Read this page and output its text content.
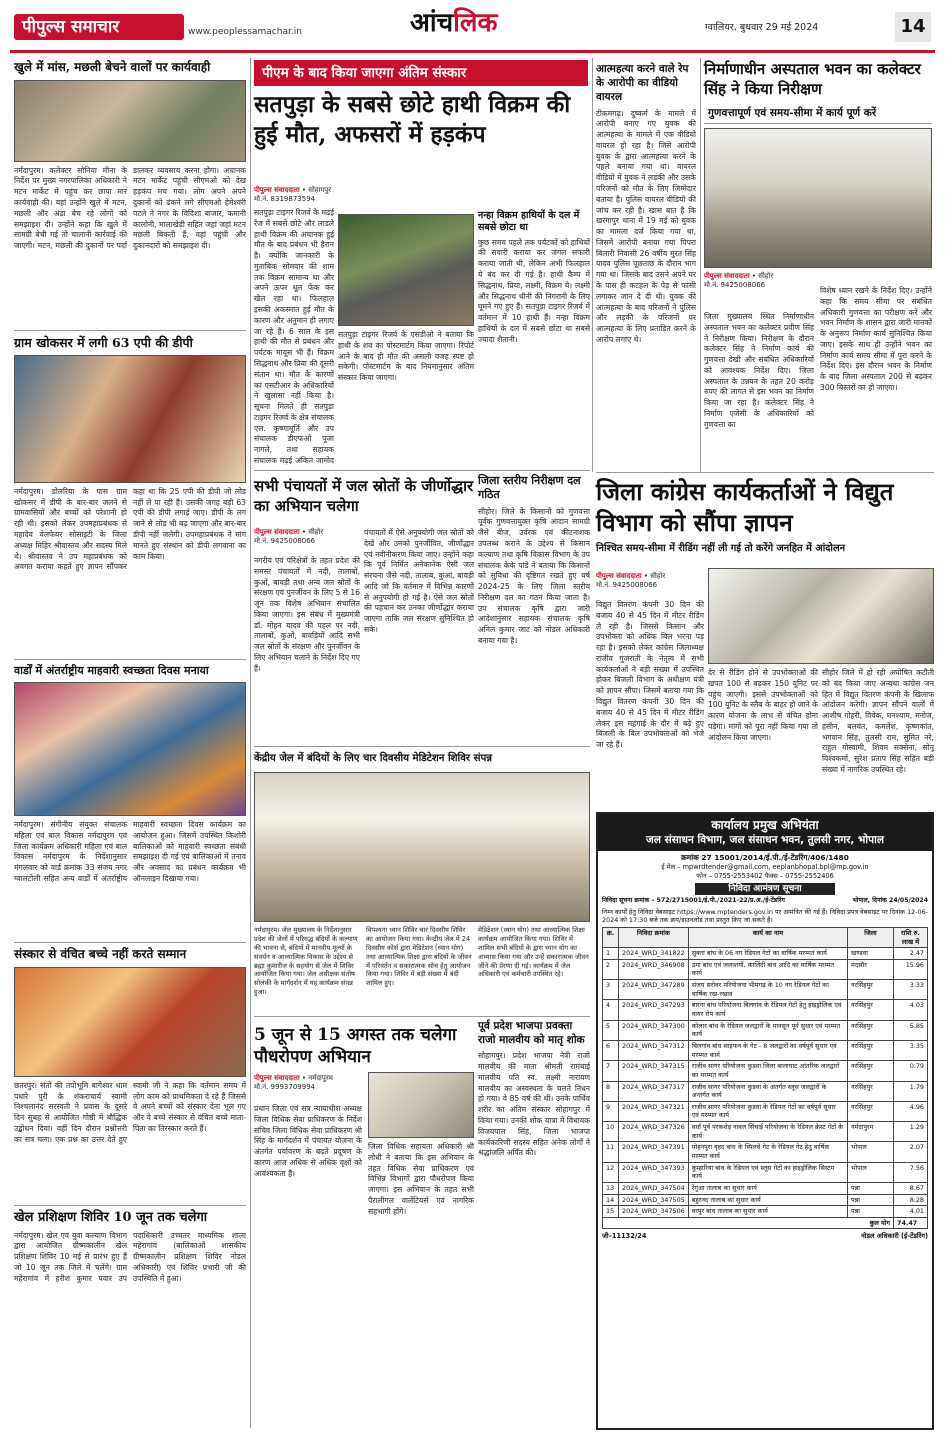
पीपुल्स समाचार	www.peoplessamachar.in	आंचलिक	ग्वालियर, बुधवार 29 मई 2024	14
खुले में मांस, मछली बेचने वालों पर कार्यवाही
नर्मदापुरम। कलेक्टर सोनिया मीना के निर्देश पर मुख्य नगरपालिका अधिकारी ने मटन मार्केट में पहुंच कर छापा मार कार्यवाही की। यहां उन्होंने खुले में मटन, मछली और अंडा बेच रहे लोगों को समझाइश दी। उन्होंने कहा कि खुले में सामग्री बेची गई तो चालानी कार्रवाई की जाएगी। मटन, मछली की दुकानों पर पर्दा डालकर व्यवसाय करना होगा। अचानक मटन मार्केट पहुंची सीएमओ को देख हड़कंप मच गया। लोग अपने अपने दुकानों को ढंकने लगे सीएमओ हेमेश्वरी पटले ने नगर के विदिशा बाजार, कमानी कालोनी, मालाखेड़ी सहित जहां जहां मटन मछली बिकती हैं, वहां पहुंची और दुकानदारों को समझाइश दी।
ग्राम खोकसर में लगी 63 एपी की डीपी
नर्मदापुरम। डोलरिया के पास ग्राम खोकसर में डीपी के बार-बार जलने से ग्रामवासियों और बच्चों को परेशानी हो रही थी। इसको लेकर उपमहाप्रबंधक से महादेव वेलफेयर सोसाइटी के जिला अध्यक्ष मिहिर श्रीवास्तव और सदस्य मिले थे। श्रीवास्तव ने उप महाप्रबंधक को अवगत कराया कहते हुए ज्ञापन सौंपकर कहा था कि 25 एपी की डीपी जो लोड नहीं ले पा रही है। उसकी जगह बड़ी 63 एपी की डीपी लगाई जाए। डीपी के लग जाने से लोड भी बढ़ जाएगा और बार-बार डीपी नहीं जलेगी। उपमहाप्रबंधक ने मांग मानते हुए संस्थान को डीपी लगवाना का काम किया।
वार्डों में अंतर्राष्ट्रीय माहवारी स्वच्छता दिवस मनाया
नर्मदापुरम। संगीनीय संयुक्त संचालक महिला एवं बाल विकास नर्मदापुरम एवं जिला कार्यक्रम अधिकारी महिला एवं बाल विकास नर्मदापुरम के निर्देशानुसार मंगलवार को वार्ड क्रमांक 33 संजय नगर ग्वालटोली सहित अन्य वार्डों में अंतर्राष्ट्रीय माहवारी स्वच्छता दिवस कार्यक्रम का आयोजन हुआ। जिसमें उपस्थित किशोरी बालिकाओं को माहवारी स्वच्छता संबंधी समझाइश दी गई एवं बालिकाओं में तनाव और अवसाद का प्रबंधन कार्यक्रम भी ऑनलाइन दिखाया गया।
संस्कार से वंचित बच्चे नहीं करते सम्मान
छतरपुर। संतों की तपोभूमि बागेश्वर धाम पधारे पुरी के शंकराचार्य स्वामी निश्चलानंद सरस्वती ने प्रवास के दूसरे दिन सुबह से आयोजित गोष्ठी में बौद्धिक उद्बोधन दिया। वहीं दिन दौरान प्रश्नोत्तरी का सत्र चला। एक प्रश्न का उत्तर देते हुए स्वामी जी ने कहा कि वर्तमान समय में लोग काम को प्राथमिकता दे रहे हैं जिससे वे अपने बच्चों को संस्कार देना भूल गए और वे बच्चे संस्कार से वंचित बच्चे माता-पिता का तिरस्कार करते हैं।
खेल प्रशिक्षण शिविर 10 जून तक चलेगा
नर्मदापुरम। खेल एवं युवा कल्याण विभाग द्वारा आयोजित ग्रीष्मकालीन खेल प्रशिक्षण शिविर 10 मई से प्रारंभ हुए हैं जो 10 जून तक जिले में चलेंगे। ग्राम महेरागांव में हरीश कुमार पवार उप पदाधिकारी उच्चतर माध्यमिक शाला महेरागांव (बालिकाओं शासकीय ग्रीष्मकालीन प्रशिक्षण शिविर नोडल अधिकारी) एवं शिविर प्रभारी जी की उपस्थिति में हुआ।
पीएम के बाद किया जाएगा अंतिम संस्कार
सतपुड़ा के सबसे छोटे हाथी विक्रम की हुई मौत, अफसरों में हड़कंप
पीपुल्स संवाददाता • सोहागपुर
मो.नं. 8319873594
सतपुड़ा टाइगर रिजर्व के मढ़ई रेंज में सबसे छोटे और लाडले हाथी विक्रम की अचानक हुई मौत के बाद प्रबंधन भी हैरान है। क्योंकि जानकारी के मुताबिक सोमवार की शाम तक विक्रम सामान्य था और अपने ऊपर धूल फेंक कर खेल रहा था। फिलहाल इसकी अकस्मात हुई मौत के कारण और अनुमान ही लगाए जा रहे हैं। 6 साल के इस हाथी की मौत से प्रबंधन और पर्यटक मायूस भी हैं। विक्रम सिद्धनाथ और प्रिया की दूसरी संतान था। मौत के कारणों का एसटीआर के अधिकारियों ने खुलासा नहीं किया है। सूचना मिलते ही सतपुड़ा टाइगर रिजर्व के क्षेत्र संचालक एल. कृष्णामूर्ति और उप संचालक डीएफओ पूजा नागले, तथा सहायक संचालक मढ़ई अंकित जामोद
सतपुड़ा टाइगर रिजर्व के एसडीओ ने बताया कि हाथी के शव का पोस्टमार्टम किया जाएगा। रिपोर्ट आने के बाद ही मौत की असली वजह स्पष्ट हो सकेगी। पोस्टमार्टम के बाद नियमानुसार अंतिम संस्कार किया जाएगा।
नन्हा विक्रम हाथियों के दल में सबसे छोटा था
कुछ समय पहले तक पर्यटकों को हाथियों की सवारी कराया कर जंगल सफारी कराया जाती थी, लेकिन अभी फिलहाल ये बंद कर दी गई है। हाथी कैम्प में सिद्धनाथ, प्रिया, लक्ष्मी, विक्रम ये। लक्ष्मी और सिद्धनाथ थीनी की निगरानी के लिए घूमने गए हुए हैं। सतपुड़ा टाइगर रिजर्व में वर्तमान में 10 हाथी हैं। नन्हा विक्रम हाथियों के दल में सबसे छोटा था सबसे ज्यादा शैतानी।
सभी पंचायतों में जल स्रोतों के जीर्णोद्धार का अभियान चलेगा
पीपुल्स संवाददाता • सीहोर
मो.नं. 9425008066
नगरीय एवं परिक्षेत्रों के तहत प्रदेश की समस्त पंचायतों में नदी, तालाबों, कुओं, बावड़ी तथा अन्य जल स्रोतों के संरक्षण एवं पुनर्जीवन के लिए 5 से 16 जून तक विशेष अभियान संचालित किया जाएगा। इस संबंध में मुख्यमंत्री डॉ. मोहन यादव की पहल पर नदी, तालाबों, कुओं, बावड़ियों आदि सभी जल स्रोतों के संरक्षण और पुनर्जीवन के लिए अभियान चलाने के निर्देश दिए गए हैं।
पंचायतों में ऐसे अनुपयोगी जल स्रोतों को देखें और उनको पुनर्जीवित, जीर्णोद्धार एवं नवीनीकरण किया जाए। उन्होंने कहा कि पूर्व निर्मित अनेकानेक ऐसी जल संरचना जैसे नदी, तालाब, कुआं, बावड़ी आदि जो कि वर्तमान में विभिन्न कारणों से अनुपयोगी हो गई है। ऐसे जल स्रोतों की पहचान कर उनका जीर्णोद्धार कराया जाएगा ताकि जल संरक्षण सुनिश्चित हो सके।
जिला स्तरीय निरीक्षण दल गठित
सीहोर। जिले के किसानों को गुणवत्ता पूर्वक गुणवत्तायुक्त कृषि आदान सामग्री जैसे बीज, उर्वरक एवं कीटनाशक उपलब्ध कराने के उद्देश्य से किसान कल्याण तथा कृषि विकास विभाग के उप संचालक केके पांडे ने बताया कि किसानों को सुविधा की दृष्टिगत रखते हुए वर्ष 2024-25 के लिए जिला स्तरीय निरीक्षण दल का गठन किया जाता है। उप संचालक कृषि द्वारा जारी आदेशानुसार सहायक संचालक कृषि अनिल कुमार जाट को नोडल अधिकारी बनाया गया है।
केंद्रीय जेल में बंदियों के लिए चार दिवसीय मेडिटेशन शिविर संपन्न
नर्मदापुरम। जेल मुख्यालय के निर्देशानुसार प्रदेश की जेलों में परिरुद्ध बंदियों के कल्याण की भावना से, बंदियों में मानवीय मूल्यों के संवर्धन व आध्यात्मिक विकास के उद्देश्य से ब्रह्मा कुमारीज के सहयोग से जेल में शिविर आयोजित किया गया। जेल अधीक्षक संतोष सोलंकी के मार्गदर्शन में यह कार्यक्रम संपन्न हुआ।
विपश्यना ध्यान शिविर चार दिवसीय शिविर का आयोजन किया गया। केन्द्रीय जेल में 24 दिवसीय कोर्स द्वारा मेडिटेशन (ध्यान योग) तथा आध्यात्मिक शिक्षा द्वारा बंदियों के जीवन में परिवर्तन व सकारात्मक सोच हेतु आयोजन किया गया। शिविर में बड़ी संख्या में बंदी शामिल हुए।
मेडिटेशन (ध्यान योग) तथा आध्यात्मिक शिक्षा कार्यक्रम आयोजित किया गया। शिविर में शामिल सभी बंदियों के द्वारा ध्यान योग का अभ्यास किया गया और उन्हें सकारात्मक जीवन जीने की प्रेरणा दी गई। कार्यक्रम में जेल अधिकारी एवं कर्मचारी उपस्थित रहे।
5 जून से 15 अगस्त तक चलेगा पौधरोपण अभियान
पीपुल्स संवाददाता • नर्मदापुरम
मो.नं. 9993709994
प्रधान जिला एवं सत्र न्यायाधीश अध्यक्ष जिला विधिक सेवा प्राधिकरण के निर्देश संचिव जिला विधिक सेवा प्राधिकरण श्री सिंह के मार्गदर्शन में पंचायत योजना के अंतर्गत पर्यावरण के बढ़ते प्रदूषण के कारण आज अधिक से अधिक वृक्षों को आवश्यकता है।
जिला विधिक सहायता अधिकारी श्री लोधी ने बताया कि इस अभियान के तहत विधिक सेवा प्राधिकरण एवं विभिन्न विभागों द्वारा पौधरोपण किया जाएगा। इस अभियान के तहत सभी पैरालीगल वालेंटियर्स एवं नागरिक सहभागी होंगे।
पूर्व प्रदेश भाजपा प्रवक्ता राजो मालवीय को मातृ शोक
सोहागपुर। प्रदेश भाजपा नेत्री राजो मालवीय की माता श्रीमती रामबाई मालवीय पति स्व. लक्ष्मी नारायण मालवीय का अस्वस्थता के चलते निधन हो गया। वे 85 वर्ष की थीं। उनके पार्थिव शरीर का अंतिम संस्कार सोहागपुर में किया गया। उनकी शोक यात्रा में विधायक विजयपाल सिंह, जिला भाजपा कार्यकारिणी सदस्य सहित अनेक लोगों ने श्रद्धांजलि अर्पित की।
आत्महत्या करने वाले रेप के आरोपी का वीडियो वायरल
टीकमगढ़। दुष्कर्म के मामले में आरोपी बनाए गए युवक की आत्महत्या के मामले में एक वीडियो वायरल हो रहा है। जिसे आरोपी युवक के द्वारा आत्महत्या करने के पहले बनाया गया था। वायरल वीडियो में युवक ने लड़की और उसके परिजनों को मौत के लिए जिम्मेदार बताया है। पुलिस वायरल वीडियो की जांच कर रही है। खास बात है कि खरगापुर थाना में 19 मई को युवक का मामला दर्ज किया गया था, जिसमें आरोपी बनाया गया पिपरा बिलारी निवासी 26 वर्षीय मुरत सिंह यादव पुलिस पूछताछ के दौरान भाग गया था। जिसके बाद उसने अपने घर के पास ही कटहल के पेड़ से फांसी लगाकर जान दे दी थी। युवक की आत्महत्या के बाद परिजनों ने पुलिस और लड़की के परिजनों पर आत्महत्या के लिए प्रताड़ित करने के आरोप लगाए थे।
निर्माणाधीन अस्पताल भवन का कलेक्टर सिंह ने किया निरीक्षण
गुणवत्तापूर्ण एवं समय-सीमा में कार्य पूर्ण करें
पीपुल्स संवाददाता • सीहोर
मो.नं. 9425008066
जिला मुख्यालय स्थित निर्माणाधीन अस्पताल भवन का कलेक्टर प्रवीण सिंह ने निरीक्षण किया। निरीक्षण के दौरान कलेक्टर सिंह ने निर्माण कार्य की गुणवत्ता देखी और संबंधित अधिकारियों को आवश्यक निर्देश दिए। जिला अस्पताल के उन्नयन के तहत 20 करोड़ रुपए की लागत से इस भवन का निर्माण किया जा रहा है। कलेक्टर सिंह ने निर्माण एजेंसी के अधिकारियों को गुणवत्ता का
विशेष ध्यान रखने के निर्देश दिए। उन्होंने कहा कि समय सीमा पर संबंधित अधिकारी गुणवत्ता का परीक्षण करें और भवन निर्माण के शासन द्वारा जारी मानकों के अनुरूप निर्माण कार्य सुनिश्चित किया जाए। इसके साथ ही उन्होंने भवन का निर्माण कार्य समय सीमा में पूरा करने के निर्देश दिए। इस दौरान भवन के निर्माण के बाद जिला अस्पताल 200 से बढ़कर 300 बिस्तरों का हो जाएगा।
जिला कांग्रेस कार्यकर्ताओं ने विद्युत विभाग को सौंपा ज्ञापन
निश्चित समय-सीमा में रीडिंग नहीं ली गई तो करेंगे जनहित में आंदोलन
पीपुल्स संवाददाता • सीहोर
मो.नं. 9425008066
विद्युत वितरण कंपनी 30 दिन की बजाय 40 से 45 दिन में मीटर रीडिंग ले रही है। जिससे किसान और उपभोक्ता को अधिक बिल भरना पड़ रहा है। इसको लेकर कांग्रेस जिलाध्यक्ष राजीव गुजराती के नेतृत्व में सभी कार्यकर्ताओं ने बड़ी संख्या में उपस्थित होकर बिजली विभाग के अधीक्षण यंत्री को ज्ञापन सौंपा। जिसमें बताया गया कि विद्युत वितरण कंपनी 30 दिन की बजाय 40 से 45 दिन में मीटर रीडिंग लेकर इस महंगाई के दौर में बढ़े हुए बिजली के बिल उपभोक्ताओं को भेजे जा रहे हैं।
देर से रीडिंग होने से उपभोक्ताओं की खपत 100 से बढ़कर 150 यूनिट पर पहुंच जाएगी। इससे उपभोक्ताओं को 100 यूनिट के स्लैब के बाहर हो जाने के कारण योजना के लाभ से वंचित होना पड़ेगा। मांगों को पूरा नहीं किया गया तो आंदोलन किया जाएगा।
सीहोर जिले में हो रही अघोषित कटौती को बंद किया जाए अन्यथा कांग्रेस जन हित में विद्युत वितरण कंपनी के खिलाफ आंदोलन करेगी। ज्ञापन सौंपने वालों में आशीष गोहरी, विवेक, घनश्याम, मनोज, हसीन, बलवंत, कमलेश, कृष्णकांत, भगवान सिंह, तुलसी राम, सुमित नरे, राहुल गोस्वामी, शिवम सक्सेना, सोनू विश्वकर्मा, सुरेश प्रताप सिंह सहित बड़ी संख्या में नागरिक उपस्थित रहे।
कार्यालय प्रमुख अभियंता
जल संसाधन विभाग, जल संसाधन भवन, तुलसी नगर, भोपाल
क्रमांक 27 15001/2014/ई.पी./ई-टेंडरिंग/406/1480
ई मेल – mpwrdtender@gmail.com, eeplanbhopal.bpl@mp.gov.in
फोन – 0755-2553402 फैक्स – 0755-2552406
निविदा आमंत्रण सूचना
निविदा सूचना क्रमांक – 572/2715001/ई.पी./2021-22/प्र.अ./ई-टेंडरिंग	भोपाल, दिनांक 24/05/2024
निम्न कार्यों हेतु निविदा वेबसाइट https://www.mptenders.gov.in पर आमंत्रित की गई हैं। निविदा प्रपत्र वेबसाइट पर दिनांक 12-06-2024 को 17:30 बजे तक क्रय/डाउनलोड तथा प्रस्तुत किए जा सकते हैं।
क्र.	निविदा क्रमांक	कार्य का नाम	जिला	राशि रु. लाख में
1	2024_WRD_341822	सुक्ता बांध के 06 नग रेडियल गेटों का वार्षिक मरम्मत कार्य	खण्डवा	2.47
2	2024_WRD_346908	उमा बांध एवं जलाशयों, कालिंदी बांध आदि का वार्षिक मरम्मत कार्य	मंदसौर	15.96
3	2024_WRD_347289	संजय सरोवर परियोजना भीमगढ़ के 10 नग रेडियल गेटों का वार्षिक रख-रखाव	नरसिंहपुर	3.33
4	2024_WRD_347293	बारना बांध परियोजना बिलगांव के रेडियल गेटों हेतु हाइड्रोलिक एवं वायर रोप कार्य	नरसिंहपुर	4.03
5	2024_WRD_347300	कोलार बांध के रेडियल जलद्वारों के मानसून पूर्व सुधार एवं मरम्मत कार्य	नरसिंहपुर	5.85
6	2024_WRD_347312	बिलगांव बांध साइफन के गेट - 8 जलद्वारों का वर्षपूर्व सुधार एवं मरम्मत कार्य	नरसिंहपुर	3.35
7	2024_WRD_347315	राजीव सागर परियोजना कुडवा जिला बालाघाट आंतरिक जलद्वारों का मरम्मत कार्य	नरसिंहपुर	0.79
8	2024_WRD_347317	राजीव सागर परियोजना कुडवा के अंतर्गत स्लूस जलद्वारों के अन्तर्गत कार्य	नरसिंहपुर	1.79
9	2024_WRD_347321	राजीव सागर परियोजना कुडवा के रेडियल गेटों का वर्षपूर्व सुधार एवं मरम्मत कार्य	नरसिंहपुर	4.96
10	2024_WRD_347326	वर्धा पूर्व परकशेड़ नावल सिंचाई परियोजना के रेडियल क्रेस्ट गेटों के कार्य	नर्मदापुरम	1.29
11	2024_WRD_347391	मोहनपुरा वृहद बांध के स्पिलवे गेट के रेडियल गेट हेतु वार्षिक मरम्मत कार्य	भोपाल	2.07
12	2024_WRD_347393	कुम्हारिया बांध के रेडियल एवं स्लूस गेटों का हाइड्रोलिक सिस्टम कार्य	भोपाल	7.56
13	2024_WRD_347504	रेंगुआ तालाब का सुधार कार्य	पन्ना	8.67
14	2024_WRD_347505	बहुरनद तालाब का सुधार कार्य	पन्ना	8.28
15	2024_WRD_347506	वरपुर बांध तालाब का सुधार कार्य	पन्ना	4.01
कुल योग				74.47
जी–11132/24	नोडल अधिकारी (ई-टेंडरिंग)
